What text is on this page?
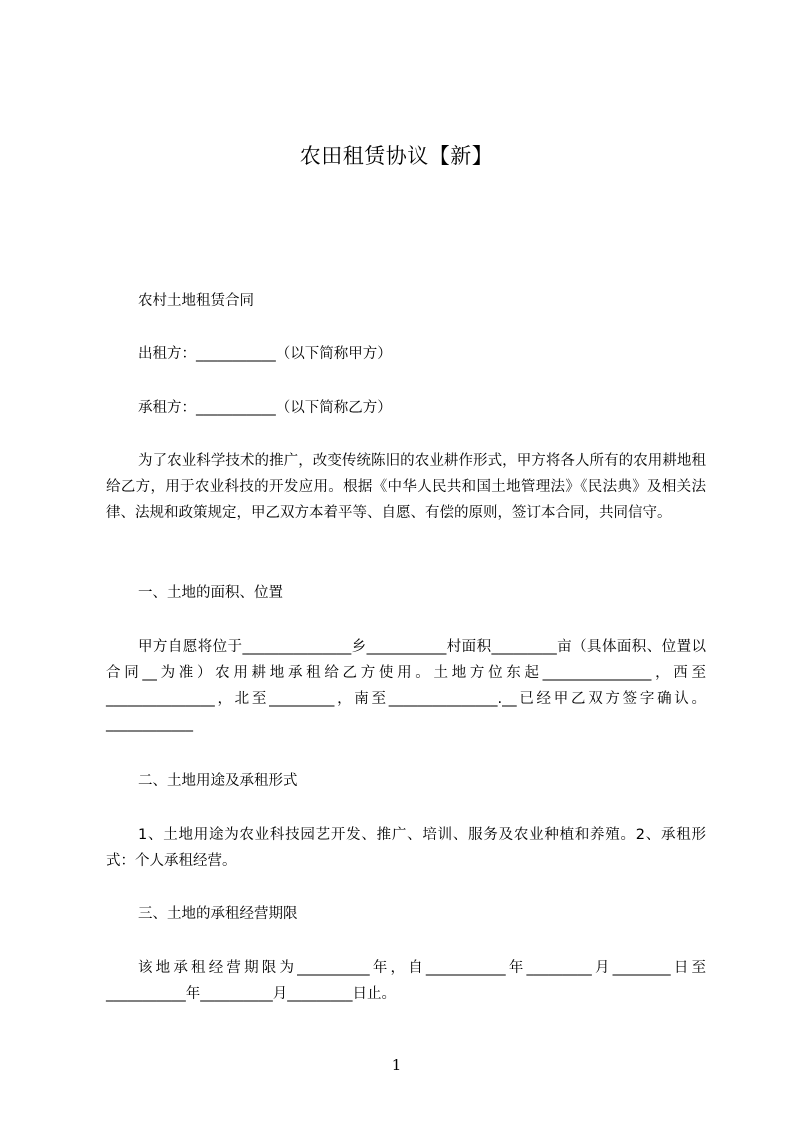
农田租赁协议【新】

农村土地租赁合同

出租方：___________（以下简称甲方）

承租方：___________（以下简称乙方）

为了农业科学技术的推广，改变传统陈旧的农业耕作形式，甲方将各人所有的农用耕地租给乙方，用于农业科技的开发应用。根据《中华人民共和国土地管理法》《民法典》及相关法律、法规和政策规定，甲乙双方本着平等、自愿、有偿的原则，签订本合同，共同信守。

一、土地的面积、位置

甲方自愿将位于_______________乡___________村面积_________亩（具体面积、位置以合同__为准）农用耕地承租给乙方使用。土地方位东起_______________，西至_______________，北至_________，南至_______________.__已经甲乙双方签字确认。____________

二、土地用途及承租形式

1、土地用途为农业科技园艺开发、推广、培训、服务及农业种植和养殖。2、承租形式：个人承租经营。

三、土地的承租经营期限

该地承租经营期限为__________年，自___________年_________月________日至___________年__________月_________日止。

1
